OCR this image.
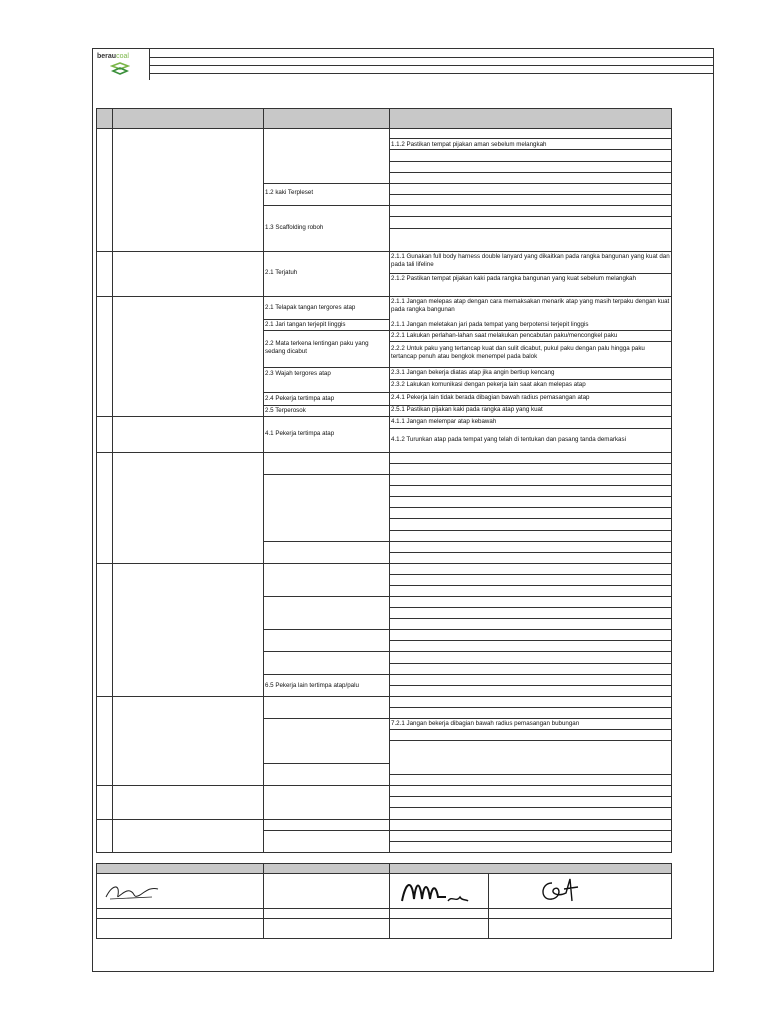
beraucoal
1.2 kaki Terpleset
1.3 Scaffolding roboh
2.1 Terjatuh
2.1 Telapak tangan tergores atap
2.1 Jari tangan terjepit linggis
2.2 Mata terkena lentingan paku yang sedang dicabut
2.3 Wajah tergores atap
2.4 Pekerja tertimpa atap
2.5 Terperosok
4.1 Pekerja tertimpa atap
6.5 Pekerja lain tertimpa atap/palu
1.1.2 Pastikan tempat pijakan aman sebelum melangkah
2.1.1 Gunakan full body harness double lanyard yang dikaitkan pada rangka bangunan yang kuat dan pada tali lifeline
2.1.2 Pastikan tempat pijakan kaki pada rangka bangunan yang kuat sebelum melangkah
2.1.1 Jangan melepas atap dengan cara memaksakan menarik atap yang masih terpaku dengan kuat pada rangka bangunan
2.1.1 Jangan meletakan jari pada tempat yang berpotensi terjepit linggis
2.2.1 Lakukan perlahan-lahan saat melakukan pencabutan paku/mencongkel paku
2.2.2 Untuk paku yang tertancap kuat dan sulit dicabut, pukul paku dengan palu hingga paku tertancap penuh atau bengkok menempel pada balok
2.3.1 Jangan bekerja diatas atap jika angin bertiup kencang
2.3.2 Lakukan komunikasi dengan pekerja lain saat akan melepas atap
2.4.1 Pekerja lain tidak berada dibagian bawah radius pemasangan atap
2.5.1 Pastikan pijakan kaki pada rangka atap yang kuat
4.1.1 Jangan melempar atap kebawah
4.1.2 Turunkan atap pada tempat yang telah di tentukan dan pasang tanda demarkasi
7.2.1 Jangan bekerja dibagian bawah radius pemasangan bubungan
